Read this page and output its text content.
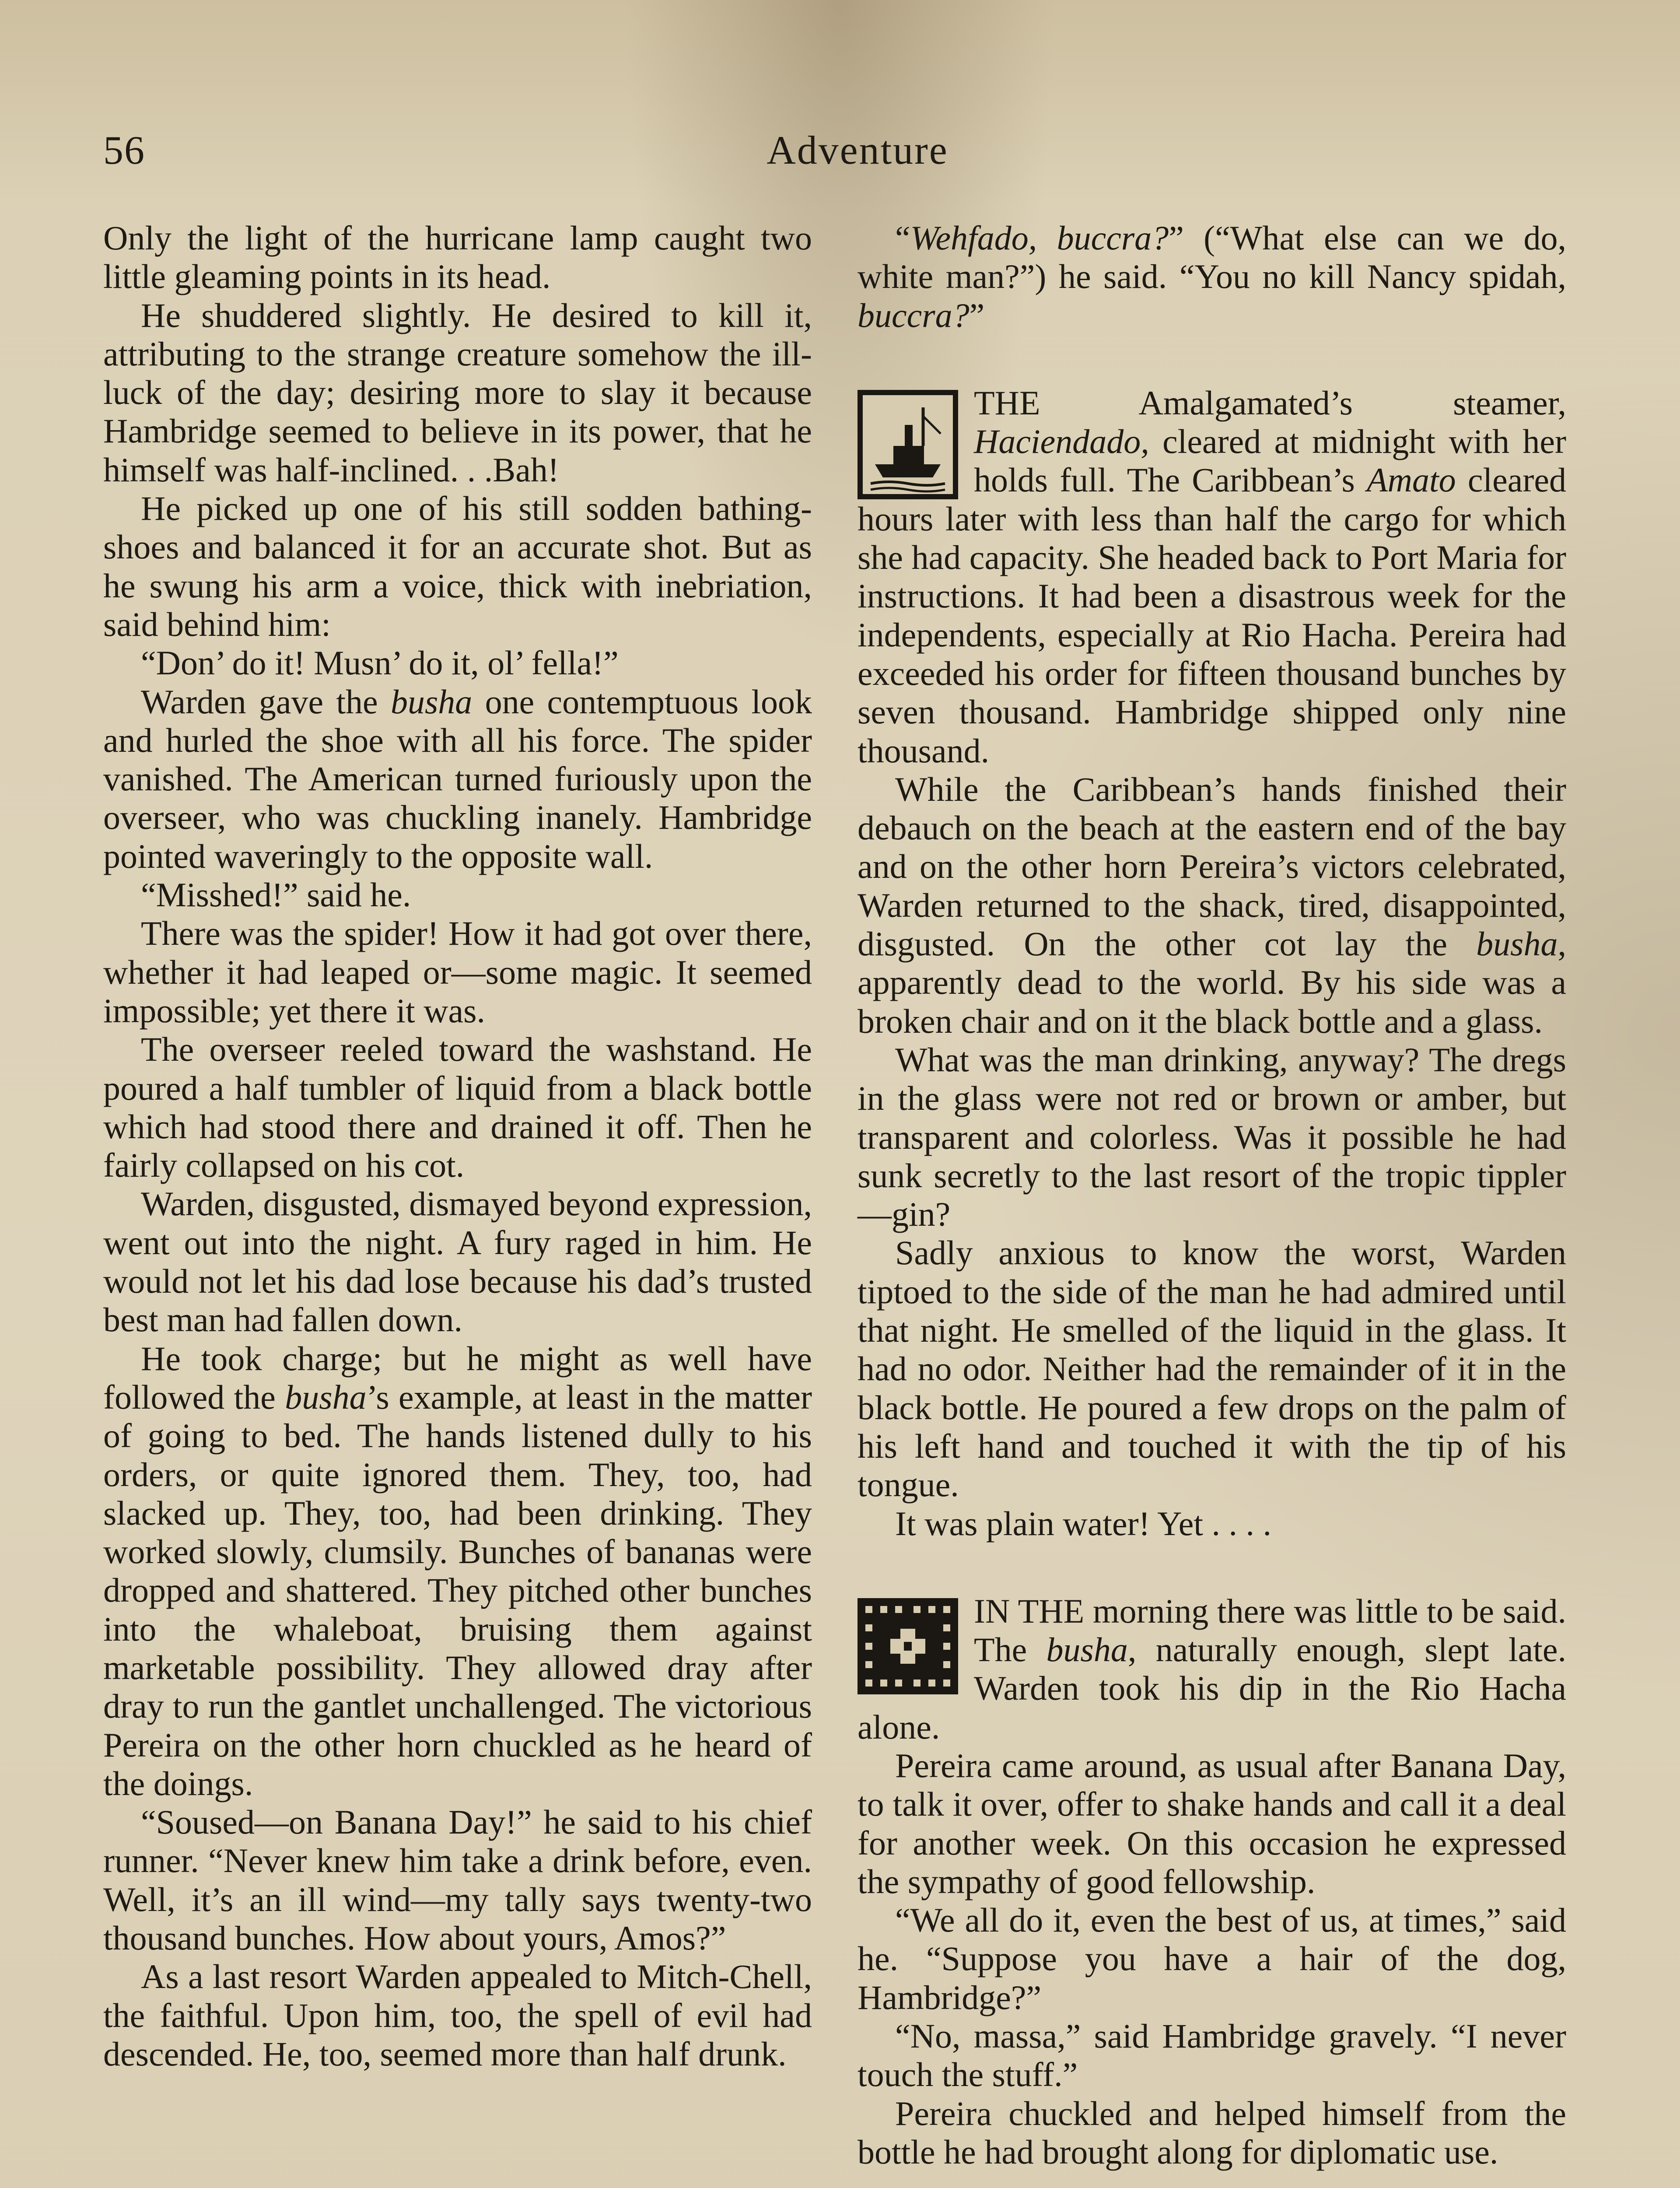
56	Adventure

Only the light of the hurricane lamp caught two little gleaming points in its head.

He shuddered slightly. He desired to kill it, attributing to the strange creature somehow the ill-luck of the day; desiring more to slay it because Hambridge seemed to believe in its power, that he himself was half-inclined. . .Bah!

He picked up one of his still sodden bathing-shoes and balanced it for an accurate shot. But as he swung his arm a voice, thick with inebriation, said behind him:

“Don’ do it! Musn’ do it, ol’ fella!”

Warden gave the busha one contemptuous look and hurled the shoe with all his force. The spider vanished. The American turned furiously upon the overseer, who was chuckling inanely. Hambridge pointed waveringly to the opposite wall.

“Misshed!” said he.

There was the spider! How it had got over there, whether it had leaped or—some magic. It seemed impossible; yet there it was.

The overseer reeled toward the washstand. He poured a half tumbler of liquid from a black bottle which had stood there and drained it off. Then he fairly collapsed on his cot.

Warden, disgusted, dismayed beyond expression, went out into the night. A fury raged in him. He would not let his dad lose because his dad’s trusted best man had fallen down.

He took charge; but he might as well have followed the busha’s example, at least in the matter of going to bed. The hands listened dully to his orders, or quite ignored them. They, too, had slacked up. They, too, had been drinking. They worked slowly, clumsily. Bunches of bananas were dropped and shattered. They pitched other bunches into the whaleboat, bruising them against marketable possibility. They allowed dray after dray to run the gantlet unchallenged. The victorious Pereira on the other horn chuckled as he heard of the doings.

“Soused—on Banana Day!” he said to his chief runner. “Never knew him take a drink before, even. Well, it’s an ill wind—my tally says twenty-two thousand bunches. How about yours, Amos?”

As a last resort Warden appealed to Mitch-Chell, the faithful. Upon him, too, the spell of evil had descended. He, too, seemed more than half drunk.

“Wehfado, buccra?” (“What else can we do, white man?”) he said. “You no kill Nancy spidah, buccra?”

THE Amalgamated’s steamer, Haciendado, cleared at midnight with her holds full. The Caribbean’s Amato cleared hours later with less than half the cargo for which she had capacity. She headed back to Port Maria for instructions. It had been a disastrous week for the independents, especially at Rio Hacha. Pereira had exceeded his order for fifteen thousand bunches by seven thousand. Hambridge shipped only nine thousand.

While the Caribbean’s hands finished their debauch on the beach at the eastern end of the bay and on the other horn Pereira’s victors celebrated, Warden returned to the shack, tired, disappointed, disgusted. On the other cot lay the busha, apparently dead to the world. By his side was a broken chair and on it the black bottle and a glass.

What was the man drinking, anyway? The dregs in the glass were not red or brown or amber, but transparent and colorless. Was it possible he had sunk secretly to the last resort of the tropic tippler—gin?

Sadly anxious to know the worst, Warden tiptoed to the side of the man he had admired until that night. He smelled of the liquid in the glass. It had no odor. Neither had the remainder of it in the black bottle. He poured a few drops on the palm of his left hand and touched it with the tip of his tongue.

It was plain water! Yet . . . .

IN THE morning there was little to be said. The busha, naturally enough, slept late. Warden took his dip in the Rio Hacha alone.

Pereira came around, as usual after Banana Day, to talk it over, offer to shake hands and call it a deal for another week. On this occasion he expressed the sympathy of good fellowship.

“We all do it, even the best of us, at times,” said he. “Suppose you have a hair of the dog, Hambridge?”

“No, massa,” said Hambridge gravely. “I never touch the stuff.”

Pereira chuckled and helped himself from the bottle he had brought along for diplomatic use.
